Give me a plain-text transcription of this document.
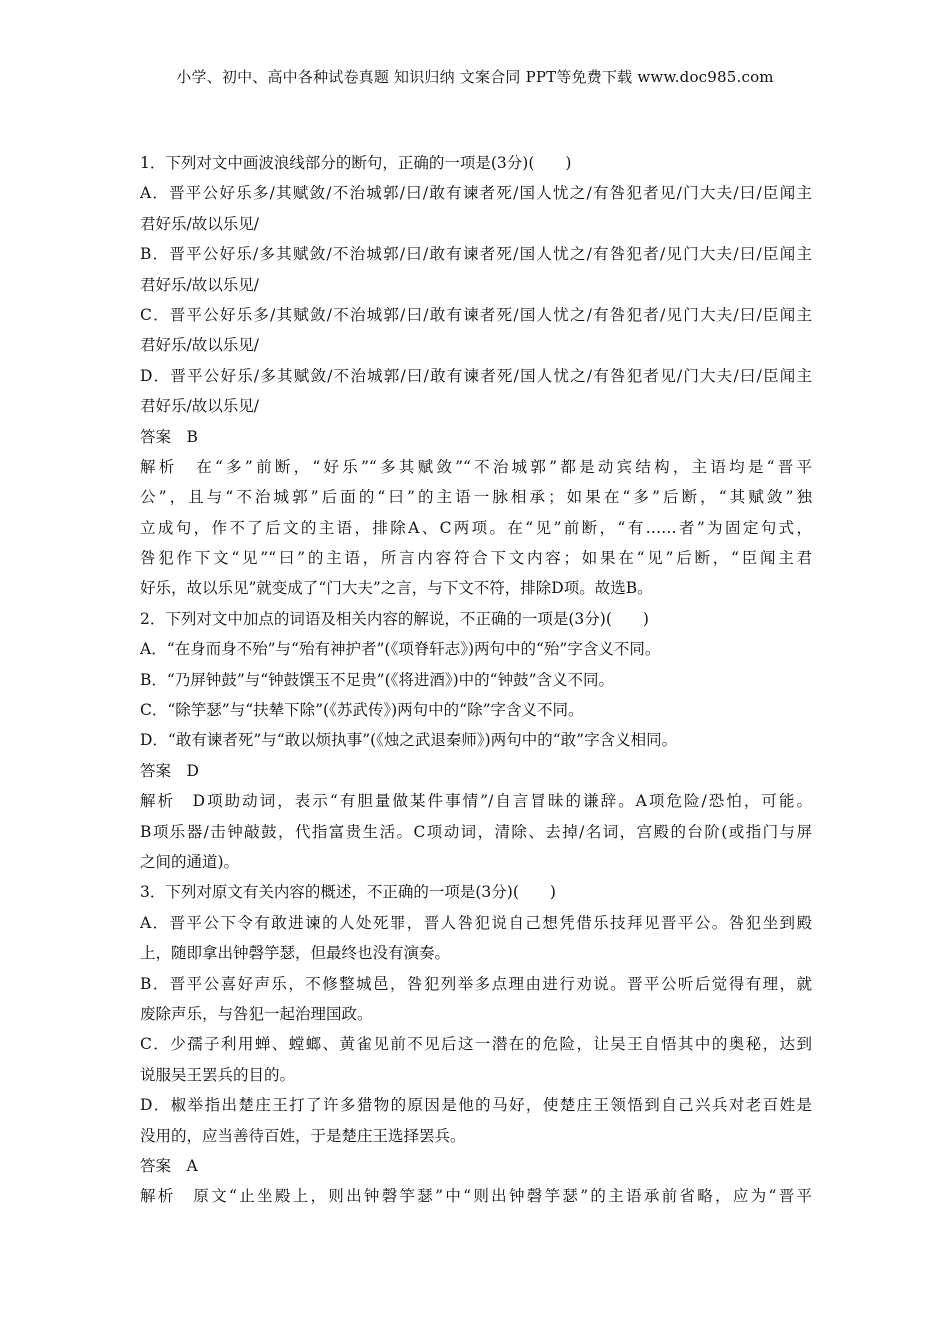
小学、初中、高中各种试卷真题 知识归纳 文案合同 PPT等免费下载 www.doc985.com
1．下列对文中画波浪线部分的断句，正确的一项是(3分)(　　)
A．晋平公好乐多/其赋敛/不治城郭/曰/敢有谏者死/国人忧之/有咎犯者见/门大夫/曰/臣闻主
君好乐/故以乐见/
B．晋平公好乐/多其赋敛/不治城郭/曰/敢有谏者死/国人忧之/有咎犯者/见门大夫/曰/臣闻主
君好乐/故以乐见/
C．晋平公好乐多/其赋敛/不治城郭/曰/敢有谏者死/国人忧之/有咎犯者/见门大夫/曰/臣闻主
君好乐/故以乐见/
D．晋平公好乐/多其赋敛/不治城郭/曰/敢有谏者死/国人忧之/有咎犯者见/门大夫/曰/臣闻主
君好乐/故以乐见/
答案　B
解析　在“多”前断，“好乐”“多其赋敛”“不治城郭”都是动宾结构，主语均是“晋平
公”，且与“不治城郭”后面的“曰”的主语一脉相承；如果在“多”后断，“其赋敛”独
立成句，作不了后文的主语，排除A、C两项。在“见”前断，“有……者”为固定句式，
咎犯作下文“见”“曰”的主语，所言内容符合下文内容；如果在“见”后断，“臣闻主君
好乐，故以乐见”就变成了“门大夫”之言，与下文不符，排除D项。故选B。
2．下列对文中加点的词语及相关内容的解说，不正确的一项是(3分)(　　)
A．“在身而身不殆”与“殆有神护者”(《项脊轩志》)两句中的“殆”字含义不同。
B．“乃屏钟鼓”与“钟鼓馔玉不足贵”(《将进酒》)中的“钟鼓”含义不同。
C．“除竽瑟”与“扶辇下除”(《苏武传》)两句中的“除”字含义不同。
D．“敢有谏者死”与“敢以烦执事”(《烛之武退秦师》)两句中的“敢”字含义相同。
答案　D
解析　D项助动词，表示“有胆量做某件事情”/自言冒昧的谦辞。A项危险/恐怕，可能。
B项乐器/击钟敲鼓，代指富贵生活。C项动词，清除、去掉/名词，宫殿的台阶(或指门与屏
之间的通道)。
3．下列对原文有关内容的概述，不正确的一项是(3分)(　　)
A．晋平公下令有敢进谏的人处死罪，晋人咎犯说自己想凭借乐技拜见晋平公。咎犯坐到殿
上，随即拿出钟磬竽瑟，但最终也没有演奏。
B．晋平公喜好声乐，不修整城邑，咎犯列举多点理由进行劝说。晋平公听后觉得有理，就
废除声乐，与咎犯一起治理国政。
C．少孺子利用蝉、螳螂、黄雀见前不见后这一潜在的危险，让吴王自悟其中的奥秘，达到
说服吴王罢兵的目的。
D．椒举指出楚庄王打了许多猎物的原因是他的马好，使楚庄王领悟到自己兴兵对老百姓是
没用的，应当善待百姓，于是楚庄王选择罢兵。
答案　A
解析　原文“止坐殿上，则出钟磬竽瑟”中“则出钟磬竽瑟”的主语承前省略，应为“晋平
